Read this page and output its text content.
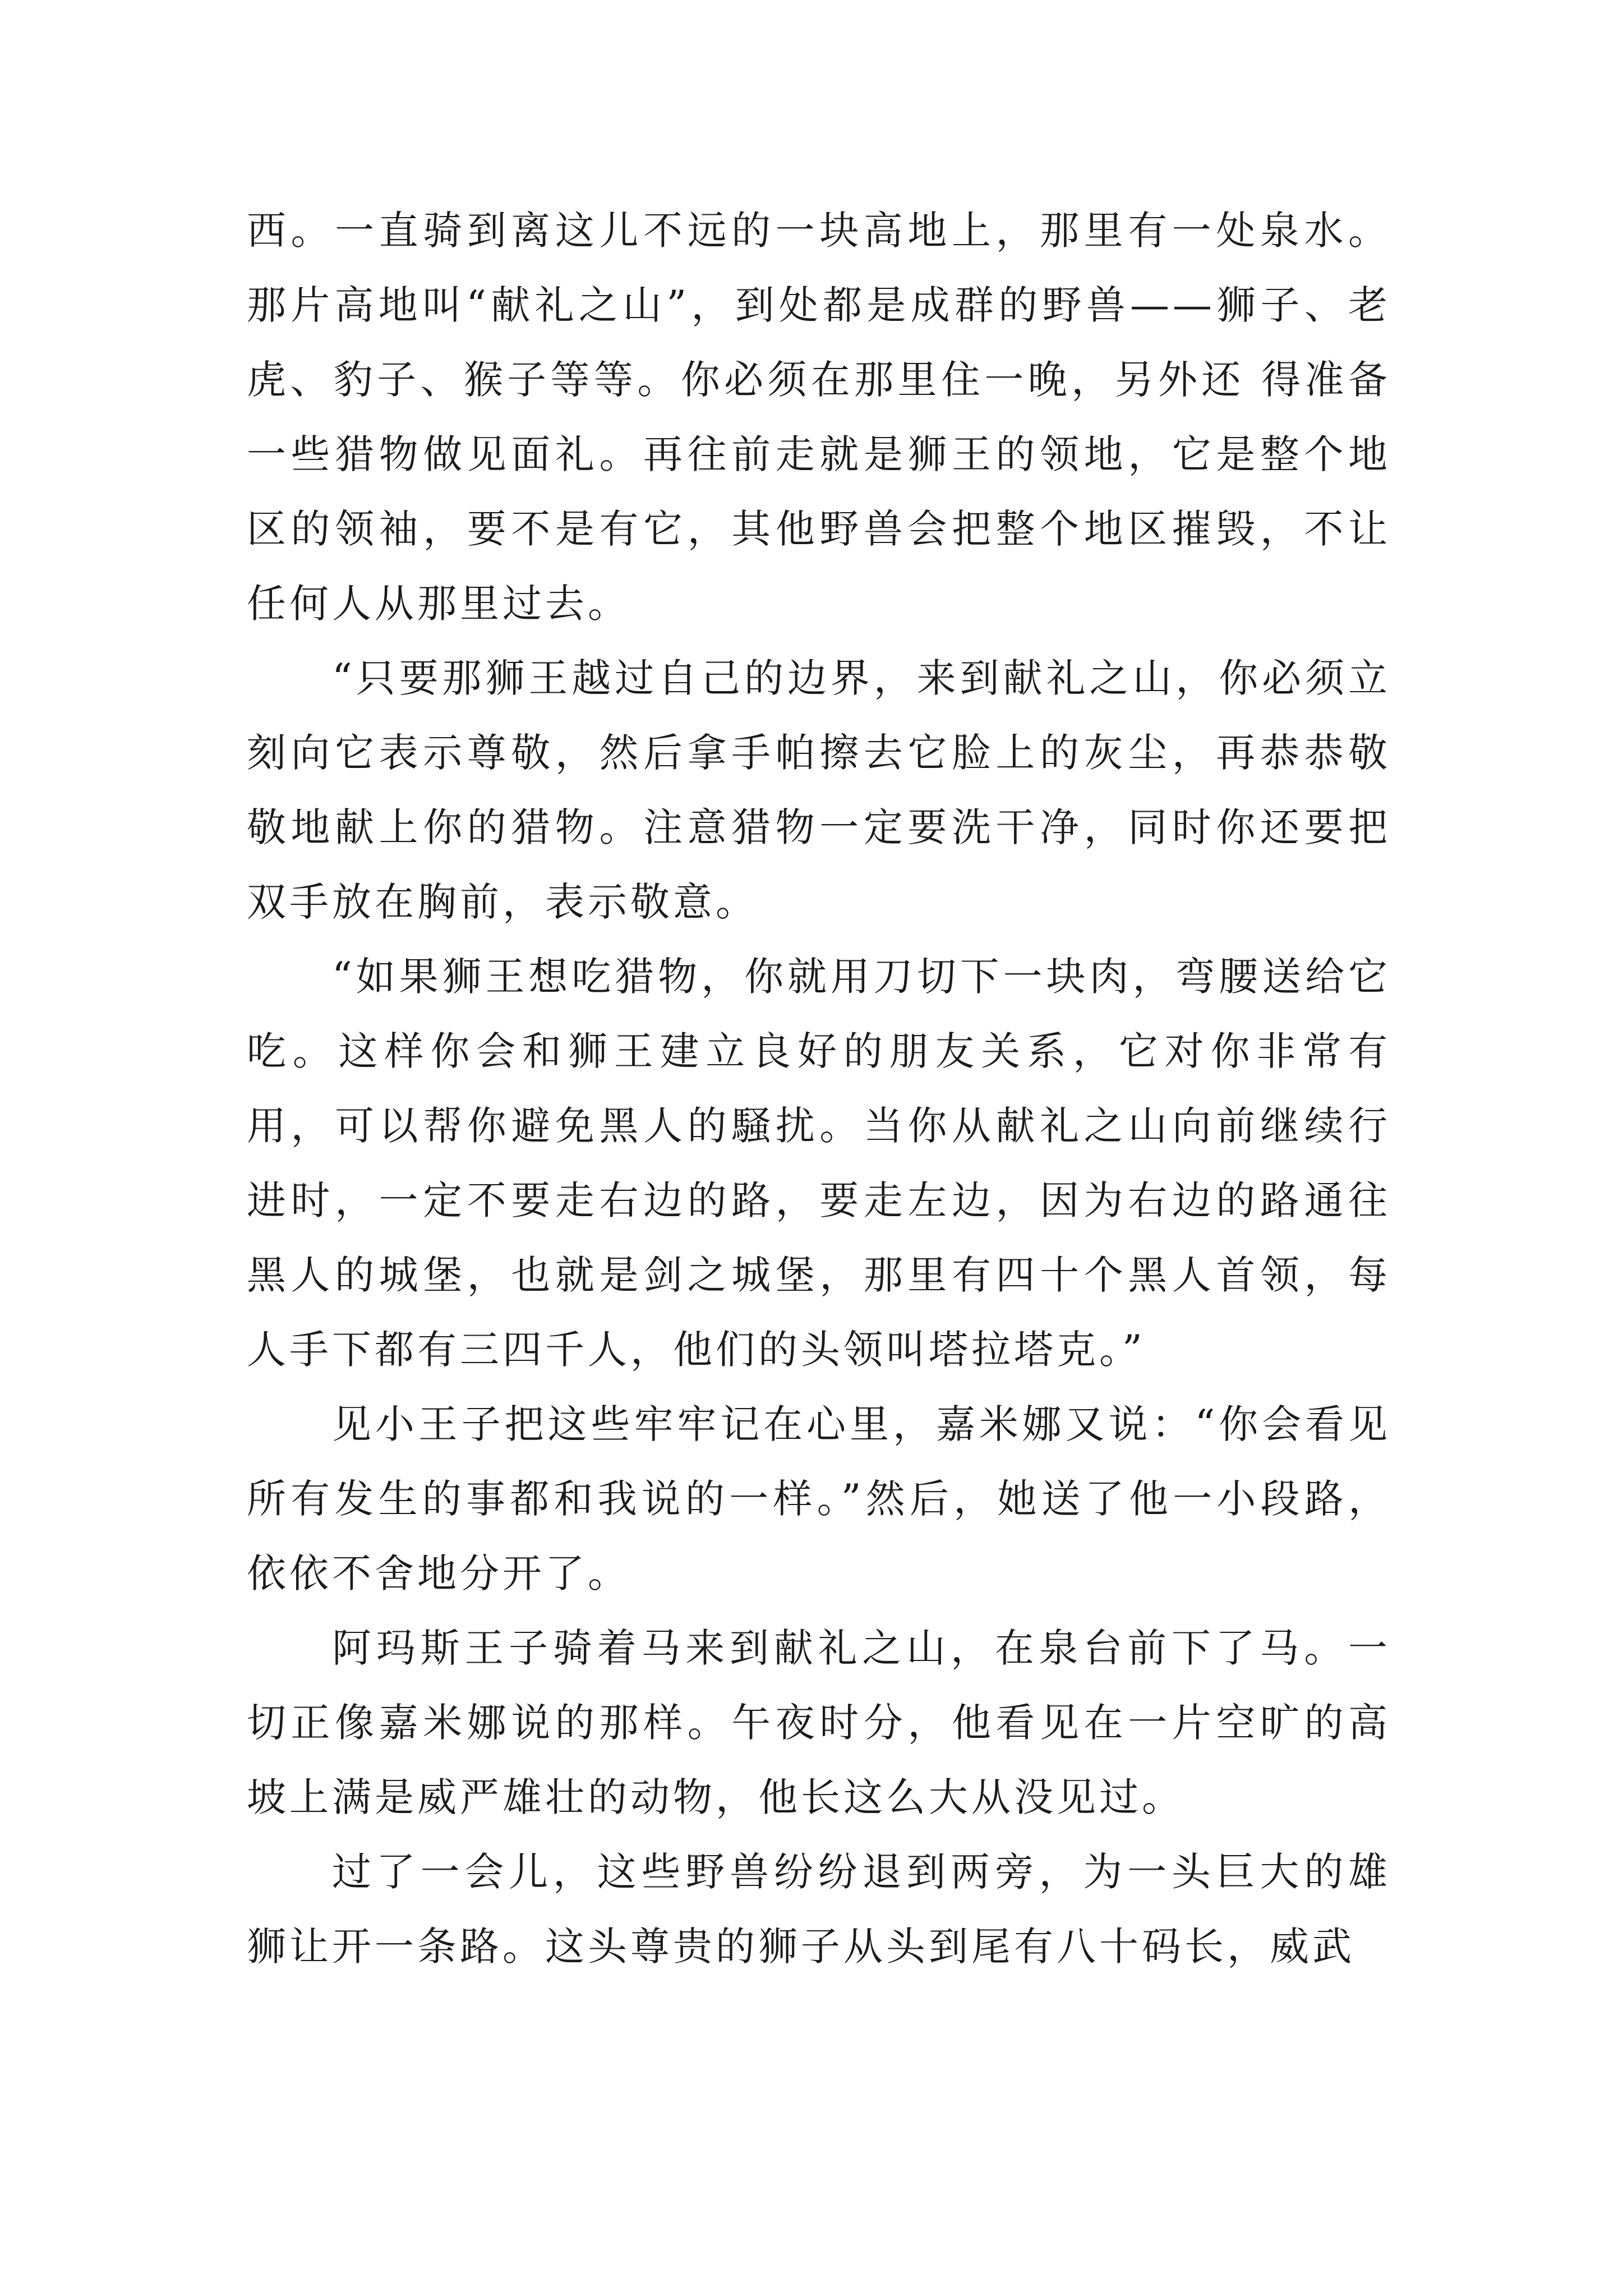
西。一直骑到离这儿不远的一块高地上，那里有一处泉水。那片高地叫“献礼之山”，到处都是成群的野兽——狮子、老虎、豹子、猴子等等。你必须在那里住一晚，另外还 得准备一些猎物做见面礼。再往前走就是狮王的领地，它是整个地区的领袖，要不是有它，其他野兽会把整个地区摧毁，不让任何人从那里过去。

“只要那狮王越过自己的边界，来到献礼之山，你必须立刻向它表示尊敬，然后拿手帕擦去它脸上的灰尘，再恭恭敬敬地献上你的猎物。注意猎物一定要洗干净，同时你还要把双手放在胸前，表示敬意。

“如果狮王想吃猎物，你就用刀切下一块肉，弯腰送给它吃。这样你会和狮王建立良好的朋友关系，它对你非常有用，可以帮你避免黑人的騒扰。当你从献礼之山向前继续行进时，一定不要走右边的路，要走左边，因为右边的路通往黑人的城堡，也就是剑之城堡，那里有四十个黑人首领，每人手下都有三四千人，他们的头领叫塔拉塔克。”

见小王子把这些牢牢记在心里，嘉米娜又说：“你会看见所有发生的事都和我说的一样。”然后，她送了他一小段路，依依不舍地分开了。

阿玛斯王子骑着马来到献礼之山，在泉台前下了马。一切正像嘉米娜说的那样。午夜时分，他看见在一片空旷的高坡上满是威严雄壮的动物，他长这么大从没见过。

过了一会儿，这些野兽纷纷退到两旁，为一头巨大的雄狮让开一条路。这头尊贵的狮子从头到尾有八十码长，威武
